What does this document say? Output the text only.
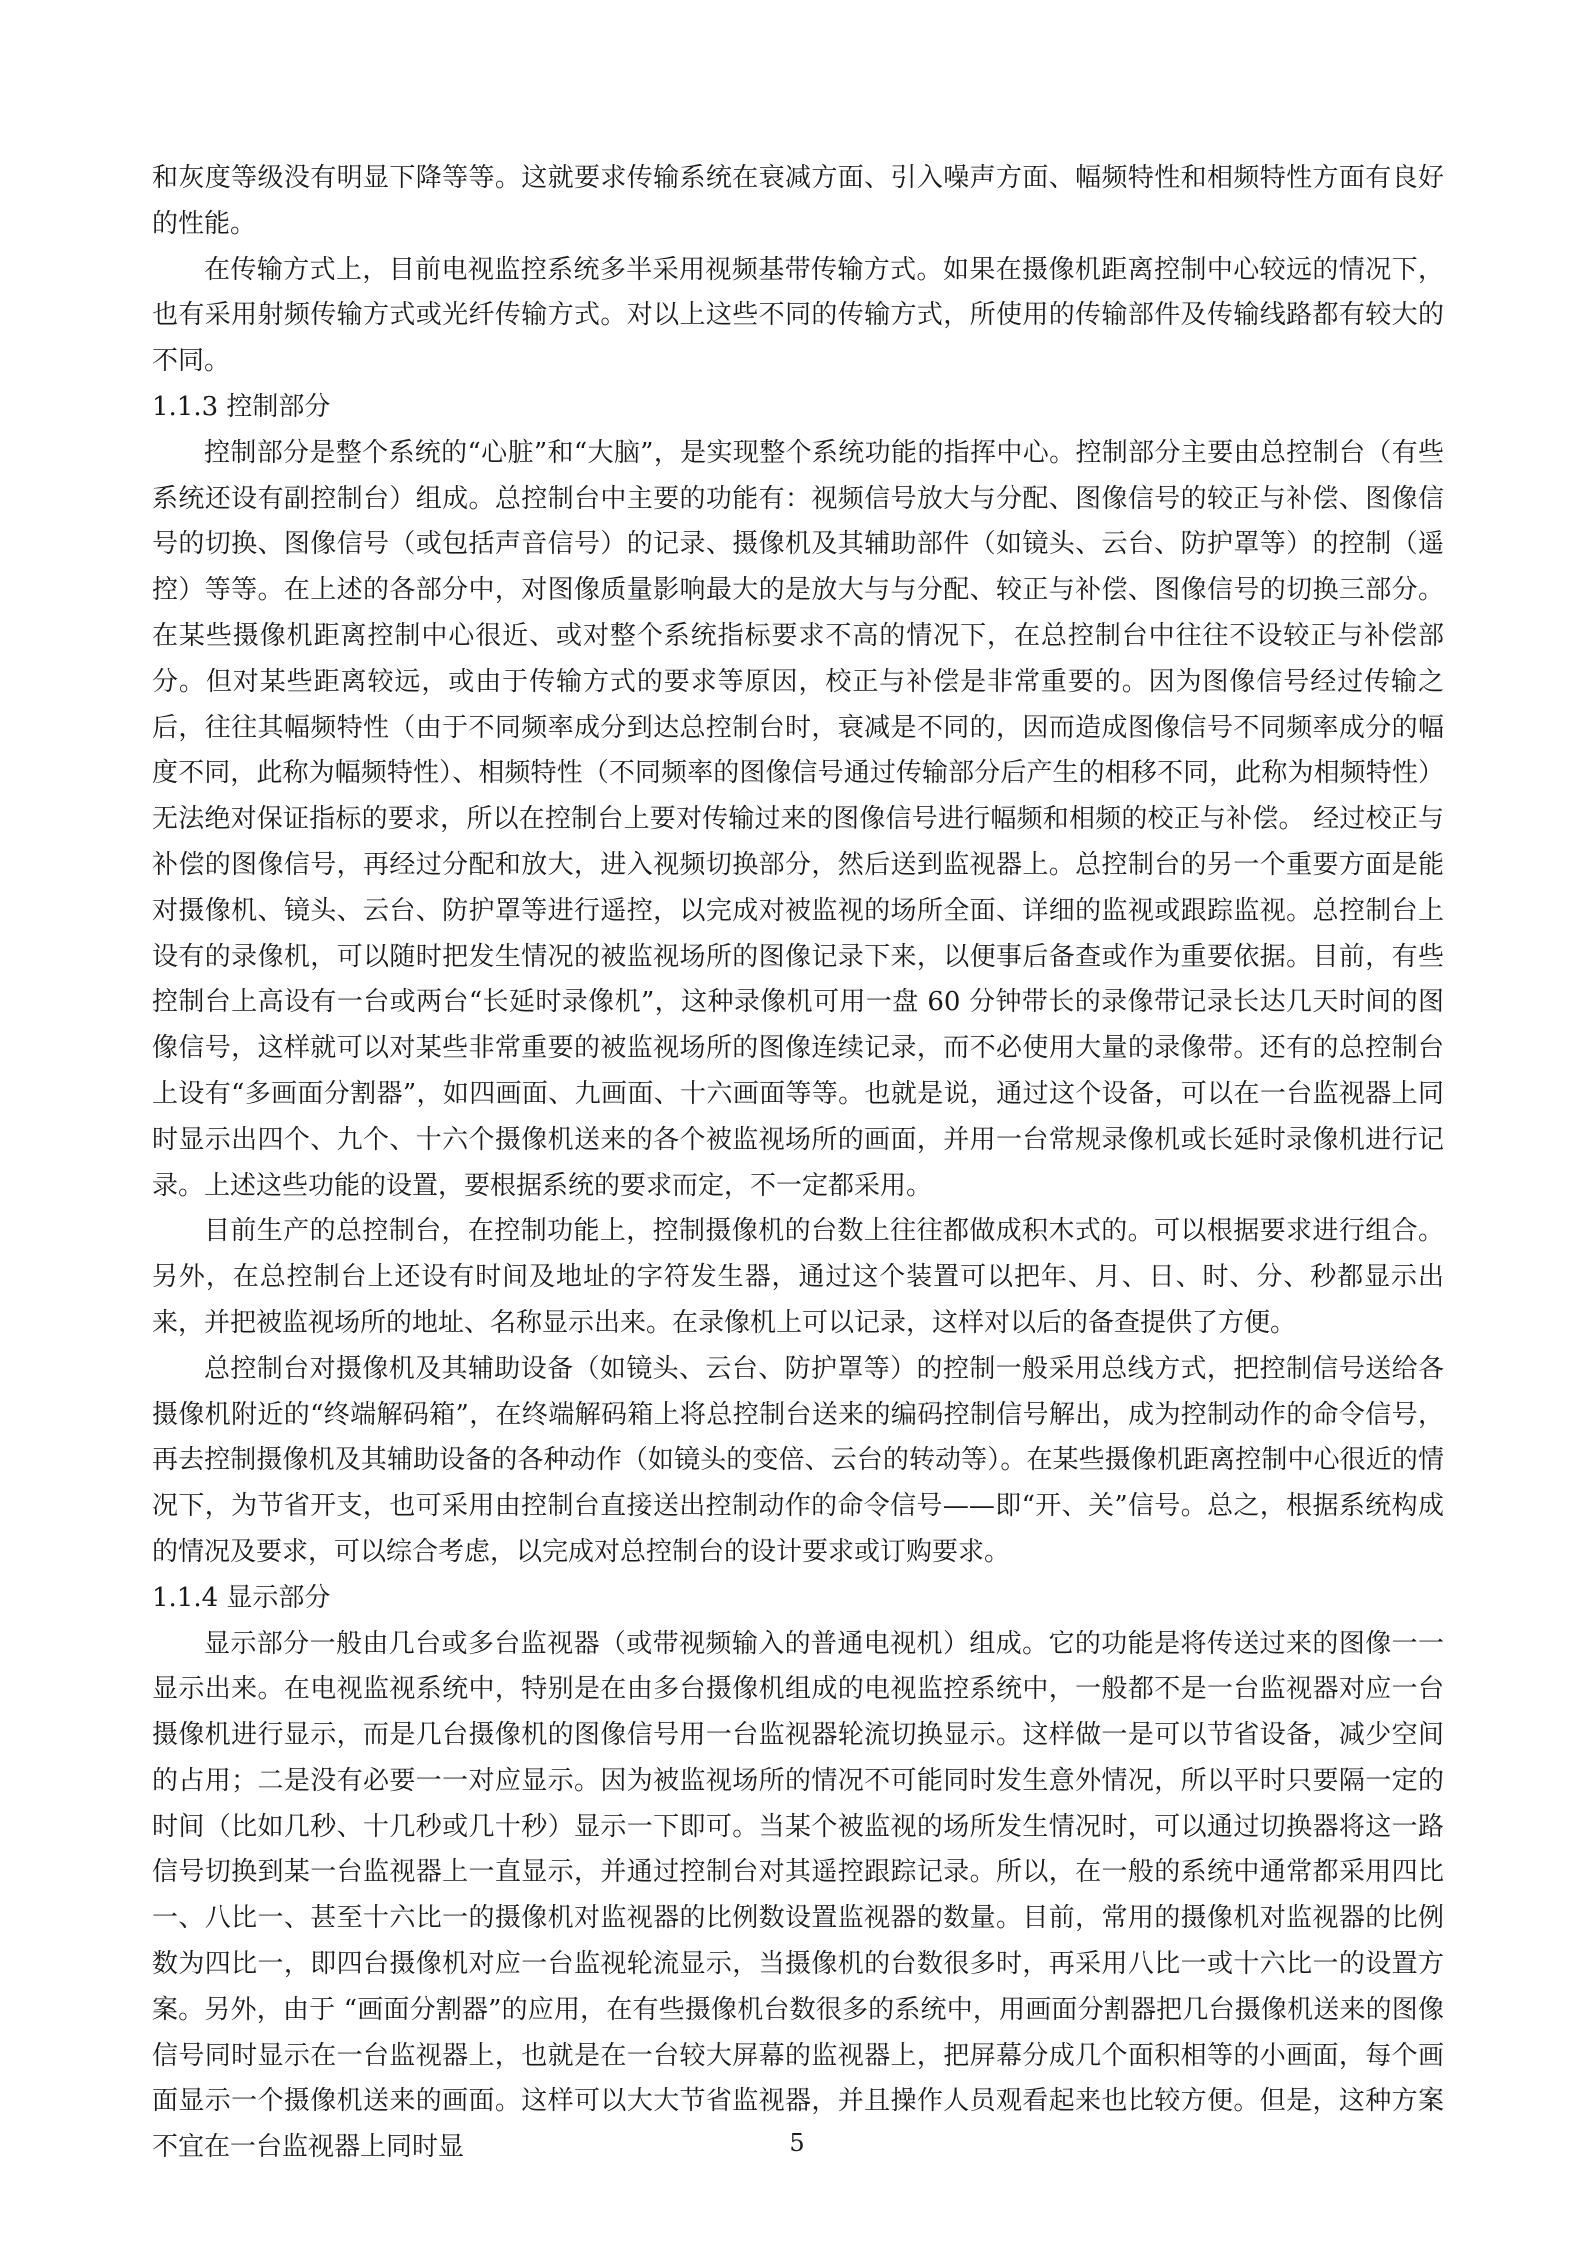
和灰度等级没有明显下降等等。这就要求传输系统在衰减方面、引入噪声方面、幅频特性和相频特性方面有良好的性能。

在传输方式上，目前电视监控系统多半采用视频基带传输方式。如果在摄像机距离控制中心较远的情况下，也有采用射频传输方式或光纤传输方式。对以上这些不同的传输方式，所使用的传输部件及传输线路都有较大的不同。

1.1.3 控制部分

控制部分是整个系统的“心脏”和“大脑”，是实现整个系统功能的指挥中心。控制部分主要由总控制台（有些系统还设有副控制台）组成。总控制台中主要的功能有：视频信号放大与分配、图像信号的较正与补偿、图像信号的切换、图像信号（或包括声音信号）的记录、摄像机及其辅助部件（如镜头、云台、防护罩等）的控制（遥控）等等。在上述的各部分中，对图像质量影响最大的是放大与与分配、较正与补偿、图像信号的切换三部分。在某些摄像机距离控制中心很近、或对整个系统指标要求不高的情况下，在总控制台中往往不设较正与补偿部分。但对某些距离较远，或由于传输方式的要求等原因，校正与补偿是非常重要的。因为图像信号经过传输之后，往往其幅频特性（由于不同频率成分到达总控制台时，衰减是不同的，因而造成图像信号不同频率成分的幅度不同，此称为幅频特性）、相频特性（不同频率的图像信号通过传输部分后产生的相移不同，此称为相频特性）无法绝对保证指标的要求，所以在控制台上要对传输过来的图像信号进行幅频和相频的校正与补偿。 经过校正与补偿的图像信号，再经过分配和放大，进入视频切换部分，然后送到监视器上。总控制台的另一个重要方面是能对摄像机、镜头、云台、防护罩等进行遥控，以完成对被监视的场所全面、详细的监视或跟踪监视。总控制台上设有的录像机，可以随时把发生情况的被监视场所的图像记录下来，以便事后备查或作为重要依据。目前，有些控制台上高设有一台或两台“长延时录像机”，这种录像机可用一盘 60 分钟带长的录像带记录长达几天时间的图像信号，这样就可以对某些非常重要的被监视场所的图像连续记录，而不必使用大量的录像带。还有的总控制台上设有“多画面分割器”，如四画面、九画面、十六画面等等。也就是说，通过这个设备，可以在一台监视器上同时显示出四个、九个、十六个摄像机送来的各个被监视场所的画面，并用一台常规录像机或长延时录像机进行记录。上述这些功能的设置，要根据系统的要求而定，不一定都采用。

目前生产的总控制台，在控制功能上，控制摄像机的台数上往往都做成积木式的。可以根据要求进行组合。另外，在总控制台上还设有时间及地址的字符发生器，通过这个装置可以把年、月、日、时、分、秒都显示出来，并把被监视场所的地址、名称显示出来。在录像机上可以记录，这样对以后的备查提供了方便。

总控制台对摄像机及其辅助设备（如镜头、云台、防护罩等）的控制一般采用总线方式，把控制信号送给各摄像机附近的“终端解码箱”，在终端解码箱上将总控制台送来的编码控制信号解出，成为控制动作的命令信号，再去控制摄像机及其辅助设备的各种动作（如镜头的变倍、云台的转动等）。在某些摄像机距离控制中心很近的情况下，为节省开支，也可采用由控制台直接送出控制动作的命令信号——即“开、关”信号。总之，根据系统构成的情况及要求，可以综合考虑，以完成对总控制台的设计要求或订购要求。

1.1.4 显示部分

显示部分一般由几台或多台监视器（或带视频输入的普通电视机）组成。它的功能是将传送过来的图像一一显示出来。在电视监视系统中，特别是在由多台摄像机组成的电视监控系统中，一般都不是一台监视器对应一台摄像机进行显示，而是几台摄像机的图像信号用一台监视器轮流切换显示。这样做一是可以节省设备，减少空间的占用；二是没有必要一一对应显示。因为被监视场所的情况不可能同时发生意外情况，所以平时只要隔一定的时间（比如几秒、十几秒或几十秒）显示一下即可。当某个被监视的场所发生情况时，可以通过切换器将这一路信号切换到某一台监视器上一直显示，并通过控制台对其遥控跟踪记录。所以，在一般的系统中通常都采用四比一、八比一、甚至十六比一的摄像机对监视器的比例数设置监视器的数量。目前，常用的摄像机对监视器的比例数为四比一，即四台摄像机对应一台监视轮流显示，当摄像机的台数很多时，再采用八比一或十六比一的设置方案。另外，由于 “画面分割器”的应用，在有些摄像机台数很多的系统中，用画面分割器把几台摄像机送来的图像信号同时显示在一台监视器上，也就是在一台较大屏幕的监视器上，把屏幕分成几个面积相等的小画面，每个画面显示一个摄像机送来的画面。这样可以大大节省监视器，并且操作人员观看起来也比较方便。但是，这种方案不宜在一台监视器上同时显	5
